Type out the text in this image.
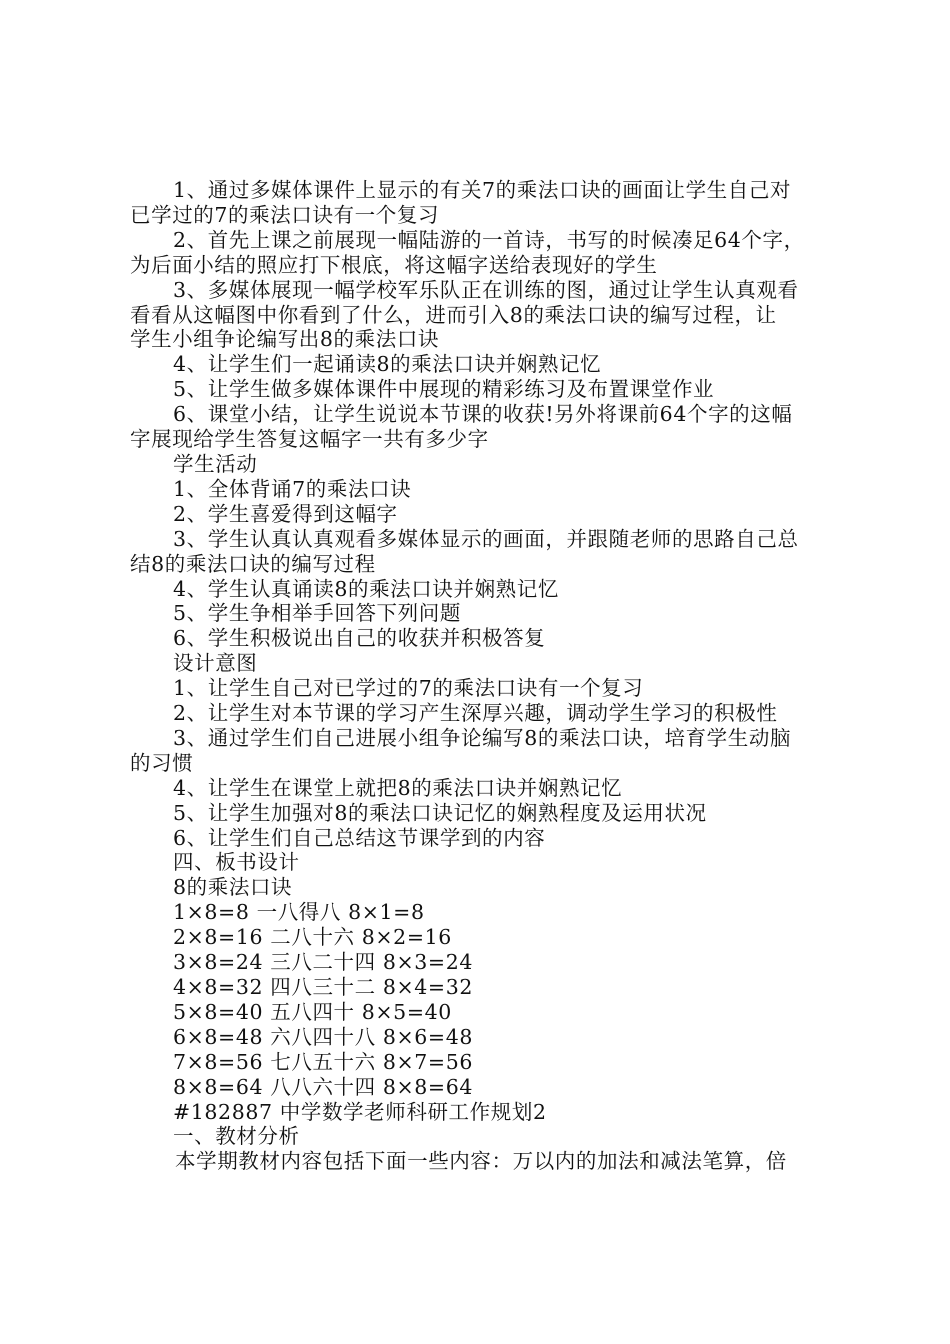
1、通过多媒体课件上显示的有关7的乘法口诀的画面让学生自己对
已学过的7的乘法口诀有一个复习
2、首先上课之前展现一幅陆游的一首诗，书写的时候凑足64个字，
为后面小结的照应打下根底，将这幅字送给表现好的学生
3、多媒体展现一幅学校军乐队正在训练的图，通过让学生认真观看
看看从这幅图中你看到了什么，进而引入8的乘法口诀的编写过程，让
学生小组争论编写出8的乘法口诀
4、让学生们一起诵读8的乘法口诀并娴熟记忆
5、让学生做多媒体课件中展现的精彩练习及布置课堂作业
6、课堂小结，让学生说说本节课的收获!另外将课前64个字的这幅
字展现给学生答复这幅字一共有多少字
学生活动
1、全体背诵7的乘法口诀
2、学生喜爱得到这幅字
3、学生认真认真观看多媒体显示的画面，并跟随老师的思路自己总
结8的乘法口诀的编写过程
4、学生认真诵读8的乘法口诀并娴熟记忆
5、学生争相举手回答下列问题
6、学生积极说出自己的收获并积极答复
设计意图
1、让学生自己对已学过的7的乘法口诀有一个复习
2、让学生对本节课的学习产生深厚兴趣，调动学生学习的积极性
3、通过学生们自己进展小组争论编写8的乘法口诀，培育学生动脑
的习惯
4、让学生在课堂上就把8的乘法口诀并娴熟记忆
5、让学生加强对8的乘法口诀记忆的娴熟程度及运用状况
6、让学生们自己总结这节课学到的内容
四、板书设计
8的乘法口诀
1×8=8 一八得八 8×1=8
2×8=16 二八十六 8×2=16
3×8=24 三八二十四 8×3=24
4×8=32 四八三十二 8×4=32
5×8=40 五八四十 8×5=40
6×8=48 六八四十八 8×6=48
7×8=56 七八五十六 8×7=56
8×8=64 八八六十四 8×8=64
#182887 中学数学老师科研工作规划2
一、教材分析
本学期教材内容包括下面一些内容：万以内的加法和减法笔算，倍
